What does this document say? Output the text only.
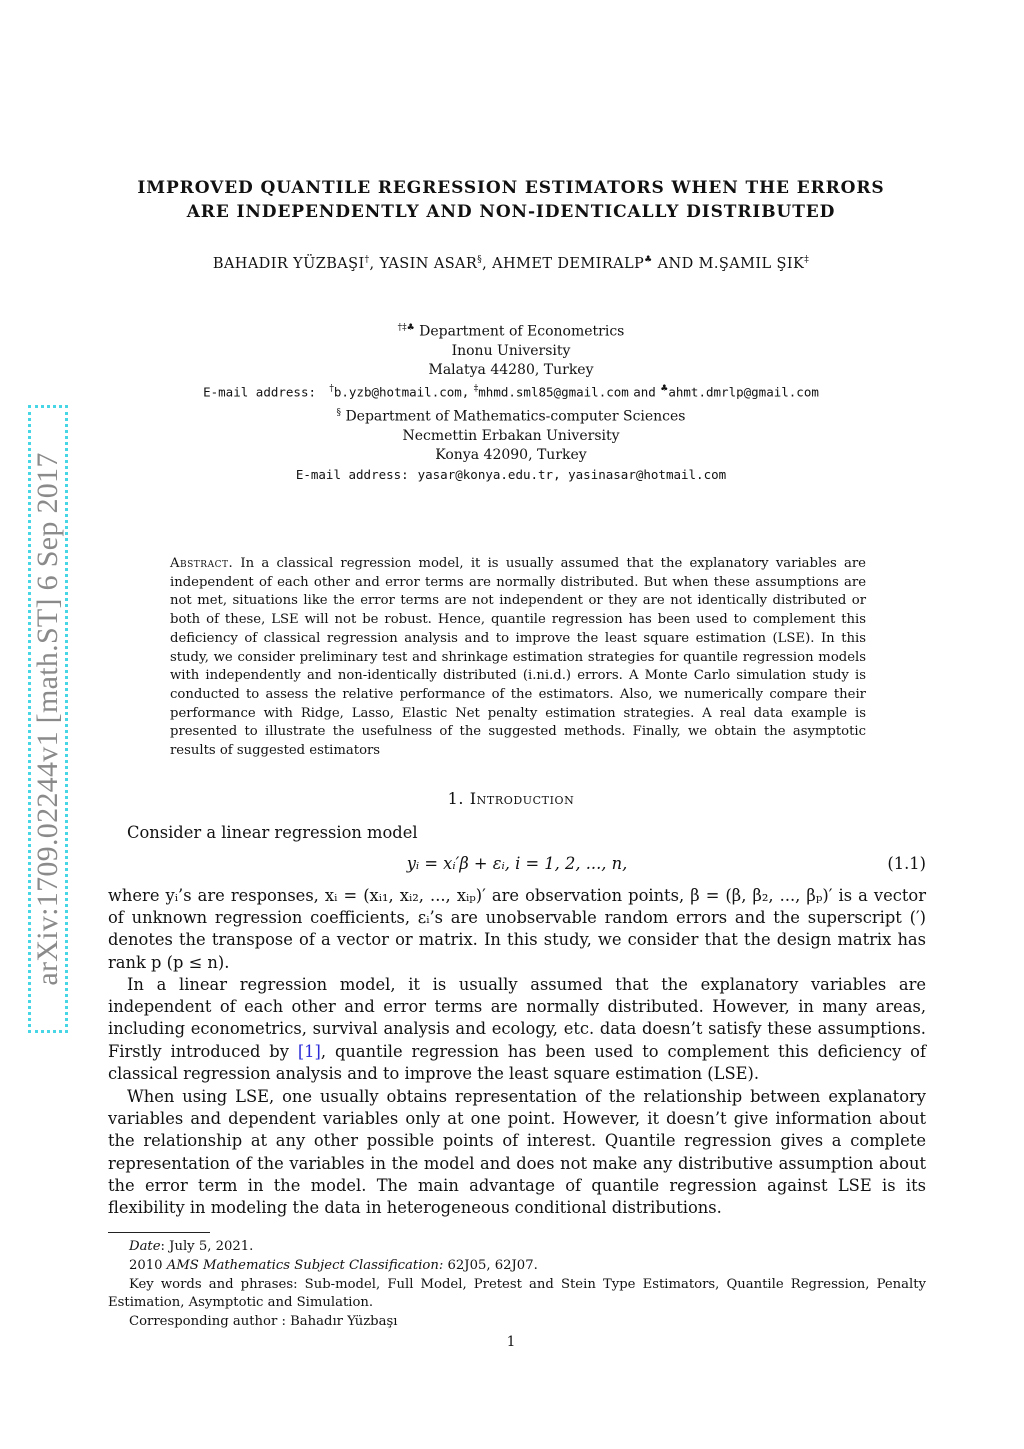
arXiv:1709.02244v1 [math.ST] 6 Sep 2017
IMPROVED QUANTILE REGRESSION ESTIMATORS WHEN THE ERRORS
ARE INDEPENDENTLY AND NON-IDENTICALLY DISTRIBUTED
BAHADIR YÜZBAŞI†, YASIN ASAR§, AHMET DEMIRALP♣ AND M.ŞAMIL ŞIK‡
†‡♣ Department of Econometrics
Inonu University
Malatya 44280, Turkey
E-mail address: †b.yzb@hotmail.com, ‡mhmd.sml85@gmail.com and ♣ahmt.dmrlp@gmail.com
§ Department of Mathematics-computer Sciences
Necmettin Erbakan University
Konya 42090, Turkey
E-mail address: yasar@konya.edu.tr, yasinasar@hotmail.com
Abstract. In a classical regression model, it is usually assumed that the explanatory variables are independent of each other and error terms are normally distributed. But when these assumptions are not met, situations like the error terms are not independent or they are not identically distributed or both of these, LSE will not be robust. Hence, quantile regression has been used to complement this deficiency of classical regression analysis and to improve the least square estimation (LSE). In this study, we consider preliminary test and shrinkage estimation strategies for quantile regression models with independently and non-identically distributed (i.ni.d.) errors. A Monte Carlo simulation study is conducted to assess the relative performance of the estimators. Also, we numerically compare their performance with Ridge, Lasso, Elastic Net penalty estimation strategies. A real data example is presented to illustrate the usefulness of the suggested methods. Finally, we obtain the asymptotic results of suggested estimators
1. Introduction
Consider a linear regression model
yᵢ = xᵢ′β + εᵢ, i = 1, 2, ..., n,	(1.1)
where yᵢ’s are responses, xᵢ = (xᵢ₁, xᵢ₂, ..., xᵢₚ)′ are observation points, β = (β, β₂, ..., βₚ)′ is a vector of unknown regression coefficients, εᵢ’s are unobservable random errors and the superscript (′) denotes the transpose of a vector or matrix. In this study, we consider that the design matrix has rank p (p ≤ n).
In a linear regression model, it is usually assumed that the explanatory variables are independent of each other and error terms are normally distributed. However, in many areas, including econometrics, survival analysis and ecology, etc. data doesn’t satisfy these assumptions. Firstly introduced by [1], quantile regression has been used to complement this deficiency of classical regression analysis and to improve the least square estimation (LSE).
When using LSE, one usually obtains representation of the relationship between explanatory variables and dependent variables only at one point. However, it doesn’t give information about the relationship at any other possible points of interest. Quantile regression gives a complete representation of the variables in the model and does not make any distributive assumption about the error term in the model. The main advantage of quantile regression against LSE is its flexibility in modeling the data in heterogeneous conditional distributions.

Date: July 5, 2021.

2010 AMS Mathematics Subject Classification: 62J05, 62J07.

Key words and phrases: Sub-model, Full Model, Pretest and Stein Type Estimators, Quantile Regression, Penalty Estimation, Asymptotic and Simulation.

Corresponding author : Bahadır Yüzbaşı

1
